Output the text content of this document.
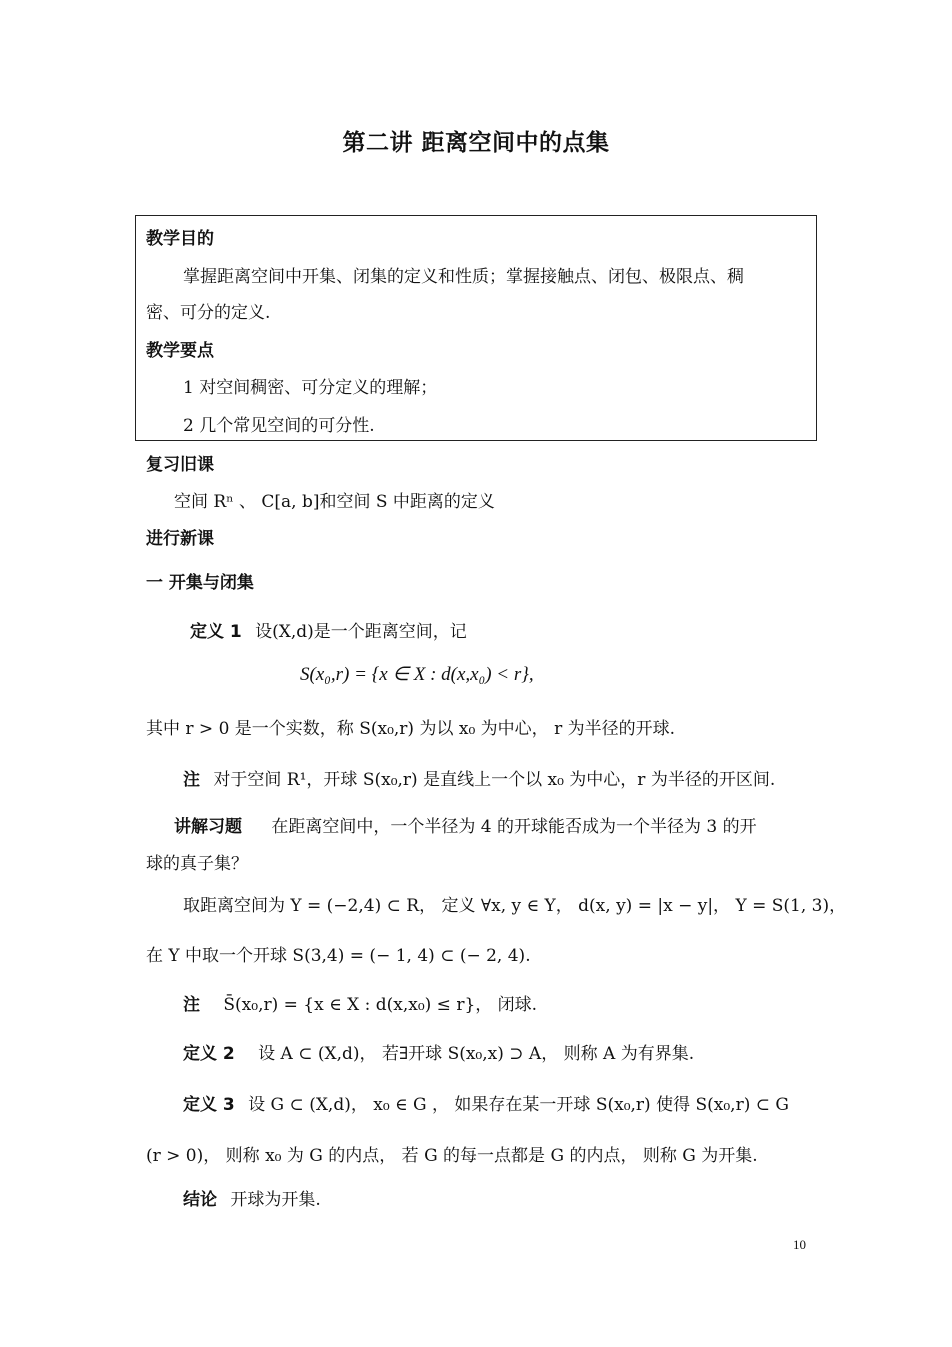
第二讲 距离空间中的点集
教学目的
掌握距离空间中开集、闭集的定义和性质；掌握接触点、闭包、极限点、稠
密、可分的定义.
教学要点
1 对空间稠密、可分定义的理解；
2 几个常见空间的可分性.
复习旧课
空间 Rⁿ 、 C[a, b]和空间 S 中距离的定义
进行新课
一 开集与闭集
定义 1 设(X,d)是一个距离空间，记
S(x₀,r) = {x ∈ X : d(x,x₀) < r},
其中 r > 0 是一个实数，称 S(x₀,r) 为以 x₀ 为中心， r 为半径的开球.
注 对于空间 R¹，开球 S(x₀,r) 是直线上一个以 x₀ 为中心，r 为半径的开区间.
讲解习题 在距离空间中，一个半径为 4 的开球能否成为一个半径为 3 的开
球的真子集？
取距离空间为 Y = (−2,4) ⊂ R， 定义 ∀x, y ∈ Y， d(x, y) = |x − y|， Y = S(1, 3)，
在 Y 中取一个开球 S(3,4) = (− 1, 4) ⊂ (− 2, 4).
注 S̄(x₀,r) = {x ∈ X : d(x,x₀) ≤ r}， 闭球.
定义 2 设 A ⊂ (X,d)， 若∃开球 S(x₀,x) ⊃ A， 则称 A 为有界集.
定义 3 设 G ⊂ (X,d)， x₀ ∈ G ， 如果存在某一开球 S(x₀,r) 使得 S(x₀,r) ⊂ G
(r > 0)， 则称 x₀ 为 G 的内点， 若 G 的每一点都是 G 的内点， 则称 G 为开集.
结论 开球为开集.
10
